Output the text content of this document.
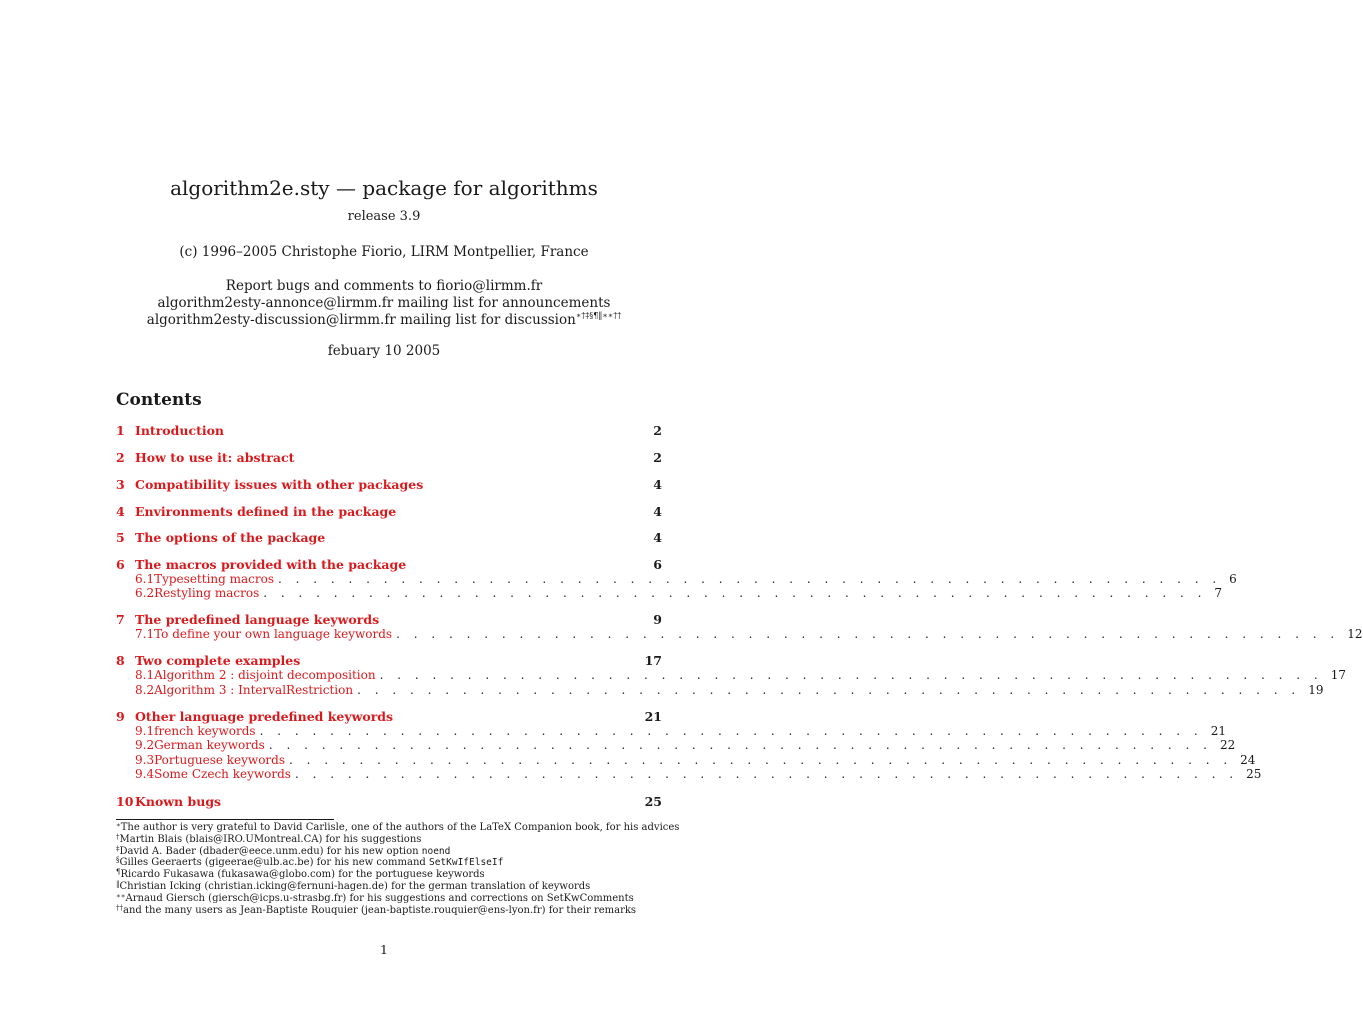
algorithm2e.sty — package for algorithms
release 3.9
(c) 1996–2005 Christophe Fiorio, LIRM Montpellier, France
Report bugs and comments to fiorio@lirmm.fr
algorithm2esty-annonce@lirmm.fr mailing list for announcements
algorithm2esty-discussion@lirmm.fr mailing list for discussion∗†‡§¶‖∗∗††
febuary 10 2005
Contents
1 Introduction	2
2 How to use it: abstract	2
3 Compatibility issues with other packages	4
4 Environments defined in the package	4
5 The options of the package	4
6 The macros provided with the package	6
7 The predefined language keywords	9
8 Two complete examples	17
9 Other language predefined keywords	21
10 Known bugs	25
6.1 Typesetting macros . . . . . . . . . . . . . . . . . . . . . . . . . . . . . . . . . . . . . . . . . . . . . . . . . . . . . . 6
6.2 Restyling macros . . . . . . . . . . . . . . . . . . . . . . . . . . . . . . . . . . . . . . . . . . . . . . . . . . . . . . 7
7.1 To define your own language keywords . . . . . . . . . . . . . . . . . . . . . . . . . . . . . . . . . . . . . . . . . . . . . . . . . . . . . . 12
8.1 Algorithm 2 : disjoint decomposition . . . . . . . . . . . . . . . . . . . . . . . . . . . . . . . . . . . . . . . . . . . . . . . . . . . . . . 17
8.2 Algorithm 3 : IntervalRestriction . . . . . . . . . . . . . . . . . . . . . . . . . . . . . . . . . . . . . . . . . . . . . . . . . . . . . . 19
9.1 french keywords . . . . . . . . . . . . . . . . . . . . . . . . . . . . . . . . . . . . . . . . . . . . . . . . . . . . . . 21
9.2 German keywords . . . . . . . . . . . . . . . . . . . . . . . . . . . . . . . . . . . . . . . . . . . . . . . . . . . . . . 22
9.3 Portuguese keywords . . . . . . . . . . . . . . . . . . . . . . . . . . . . . . . . . . . . . . . . . . . . . . . . . . . . . . 24
9.4 Some Czech keywords . . . . . . . . . . . . . . . . . . . . . . . . . . . . . . . . . . . . . . . . . . . . . . . . . . . . . . 25
∗The author is very grateful to David Carlisle, one of the authors of the LaTeX Companion book, for his advices
†Martin Blais (blais@IRO.UMontreal.CA) for his suggestions
‡David A. Bader (dbader@eece.unm.edu) for his new option noend
§Gilles Geeraerts (gigeerae@ulb.ac.be) for his new command SetKwIfElseIf
¶Ricardo Fukasawa (fukasawa@globo.com) for the portuguese keywords
‖Christian Icking (christian.icking@fernuni-hagen.de) for the german translation of keywords
∗∗Arnaud Giersch (giersch@icps.u-strasbg.fr) for his suggestions and corrections on SetKwComments
††and the many users as Jean-Baptiste Rouquier (jean-baptiste.rouquier@ens-lyon.fr) for their remarks
1
